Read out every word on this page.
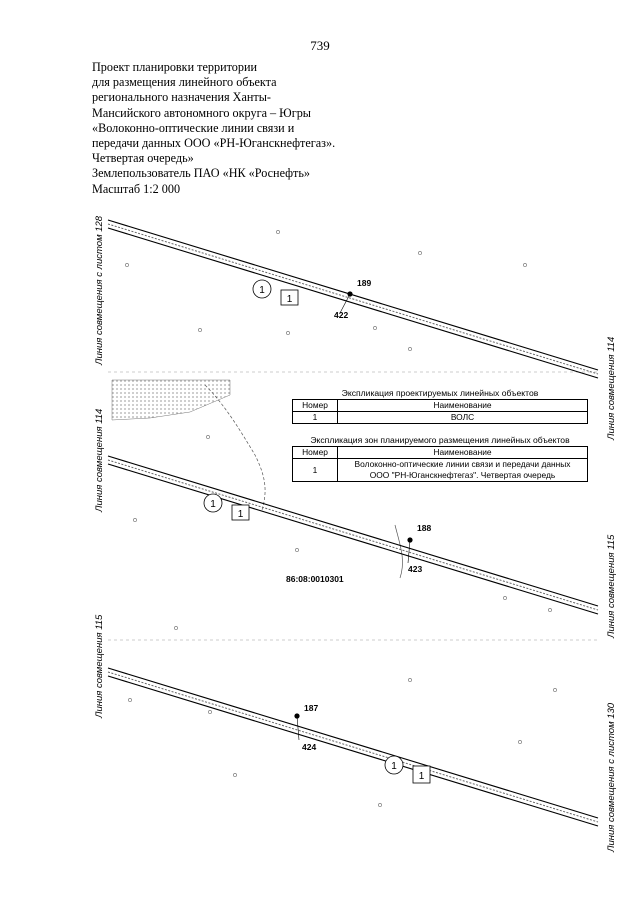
739
Проект планировки территории
для размещения линейного объекта
регионального назначения Ханты-
Мансийского автономного округа – Югры
«Волоконно-оптические линии связи и
передачи данных ООО «РН-Юганскнефтегаз».
Четвертая очередь»
Землепользователь ПАО «НК «Роснефть»
Масштаб 1:2 000
189
422
188
423
187
424
86:08:0010301
1
1
1
1
1
1
Линия совмещения с листом 128
Линия совмещения 114
Линия совмещения 115
Линия совмещения 114
Линия совмещения 115
Линия совмещения с листом 130
Экспликация проектируемых линейных объектов
Номер	Наименование
1	ВОЛС
Экспликация зон планируемого размещения линейных объектов
Номер	Наименование
1	Волоконно-оптические линии связи и передачи данных
ООО "РН-Юганскнефтегаз". Четвертая очередь
